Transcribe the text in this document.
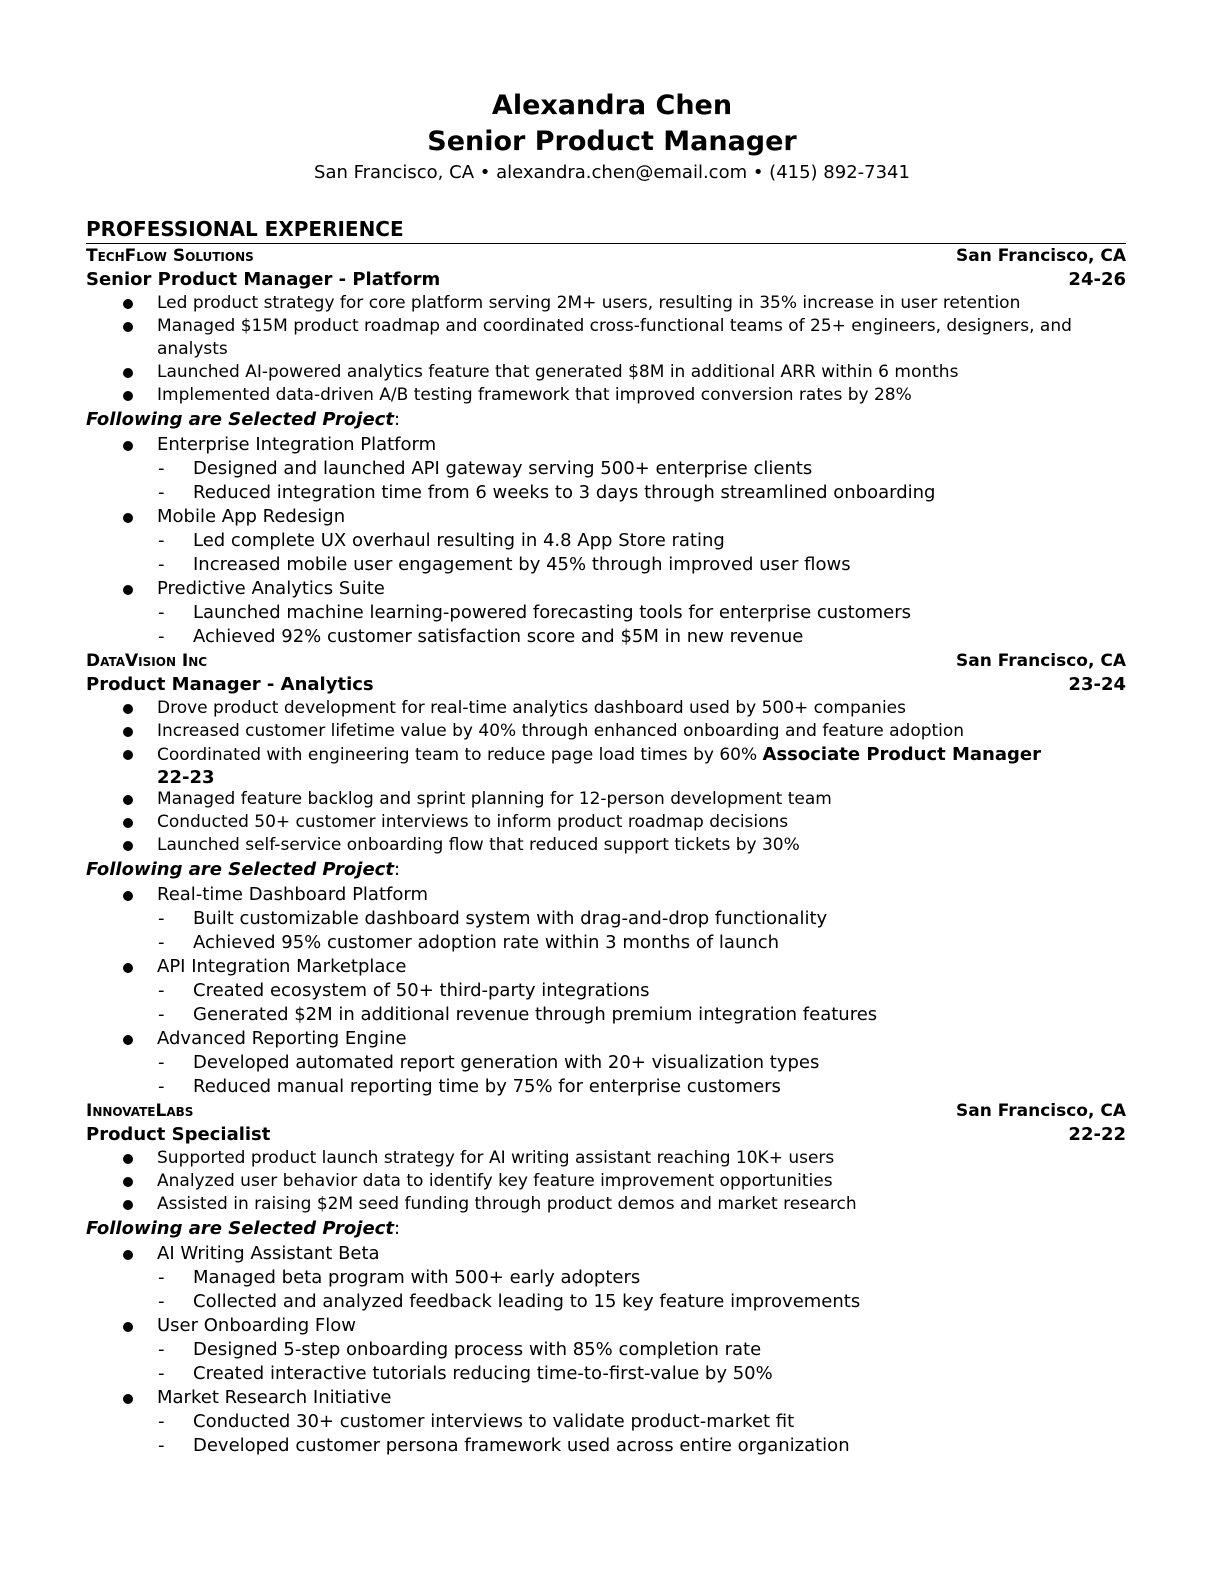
Alexandra Chen
Senior Product Manager
San Francisco, CA • alexandra.chen@email.com • (415) 892-7341
PROFESSIONAL EXPERIENCE
TechFlow Solutions	San Francisco, CA
Senior Product Manager - Platform	24-26
Led product strategy for core platform serving 2M+ users, resulting in 35% increase in user retention
Managed $15M product roadmap and coordinated cross-functional teams of 25+ engineers, designers, and analysts
Launched AI-powered analytics feature that generated $8M in additional ARR within 6 months
Implemented data-driven A/B testing framework that improved conversion rates by 28%
Following are Selected Project:
Enterprise Integration Platform
- Designed and launched API gateway serving 500+ enterprise clients
- Reduced integration time from 6 weeks to 3 days through streamlined onboarding
Mobile App Redesign
- Led complete UX overhaul resulting in 4.8 App Store rating
- Increased mobile user engagement by 45% through improved user flows
Predictive Analytics Suite
- Launched machine learning-powered forecasting tools for enterprise customers
- Achieved 92% customer satisfaction score and $5M in new revenue
DataVision Inc	San Francisco, CA
Product Manager - Analytics	23-24
Drove product development for real-time analytics dashboard used by 500+ companies
Increased customer lifetime value by 40% through enhanced onboarding and feature adoption
Coordinated with engineering team to reduce page load times by 60% Associate Product Manager
22-23
Managed feature backlog and sprint planning for 12-person development team
Conducted 50+ customer interviews to inform product roadmap decisions
Launched self-service onboarding flow that reduced support tickets by 30%
Following are Selected Project:
Real-time Dashboard Platform
- Built customizable dashboard system with drag-and-drop functionality
- Achieved 95% customer adoption rate within 3 months of launch
API Integration Marketplace
- Created ecosystem of 50+ third-party integrations
- Generated $2M in additional revenue through premium integration features
Advanced Reporting Engine
- Developed automated report generation with 20+ visualization types
- Reduced manual reporting time by 75% for enterprise customers
InnovateLabs	San Francisco, CA
Product Specialist	22-22
Supported product launch strategy for AI writing assistant reaching 10K+ users
Analyzed user behavior data to identify key feature improvement opportunities
Assisted in raising $2M seed funding through product demos and market research
Following are Selected Project:
AI Writing Assistant Beta
- Managed beta program with 500+ early adopters
- Collected and analyzed feedback leading to 15 key feature improvements
User Onboarding Flow
- Designed 5-step onboarding process with 85% completion rate
- Created interactive tutorials reducing time-to-first-value by 50%
Market Research Initiative
- Conducted 30+ customer interviews to validate product-market fit
- Developed customer persona framework used across entire organization
